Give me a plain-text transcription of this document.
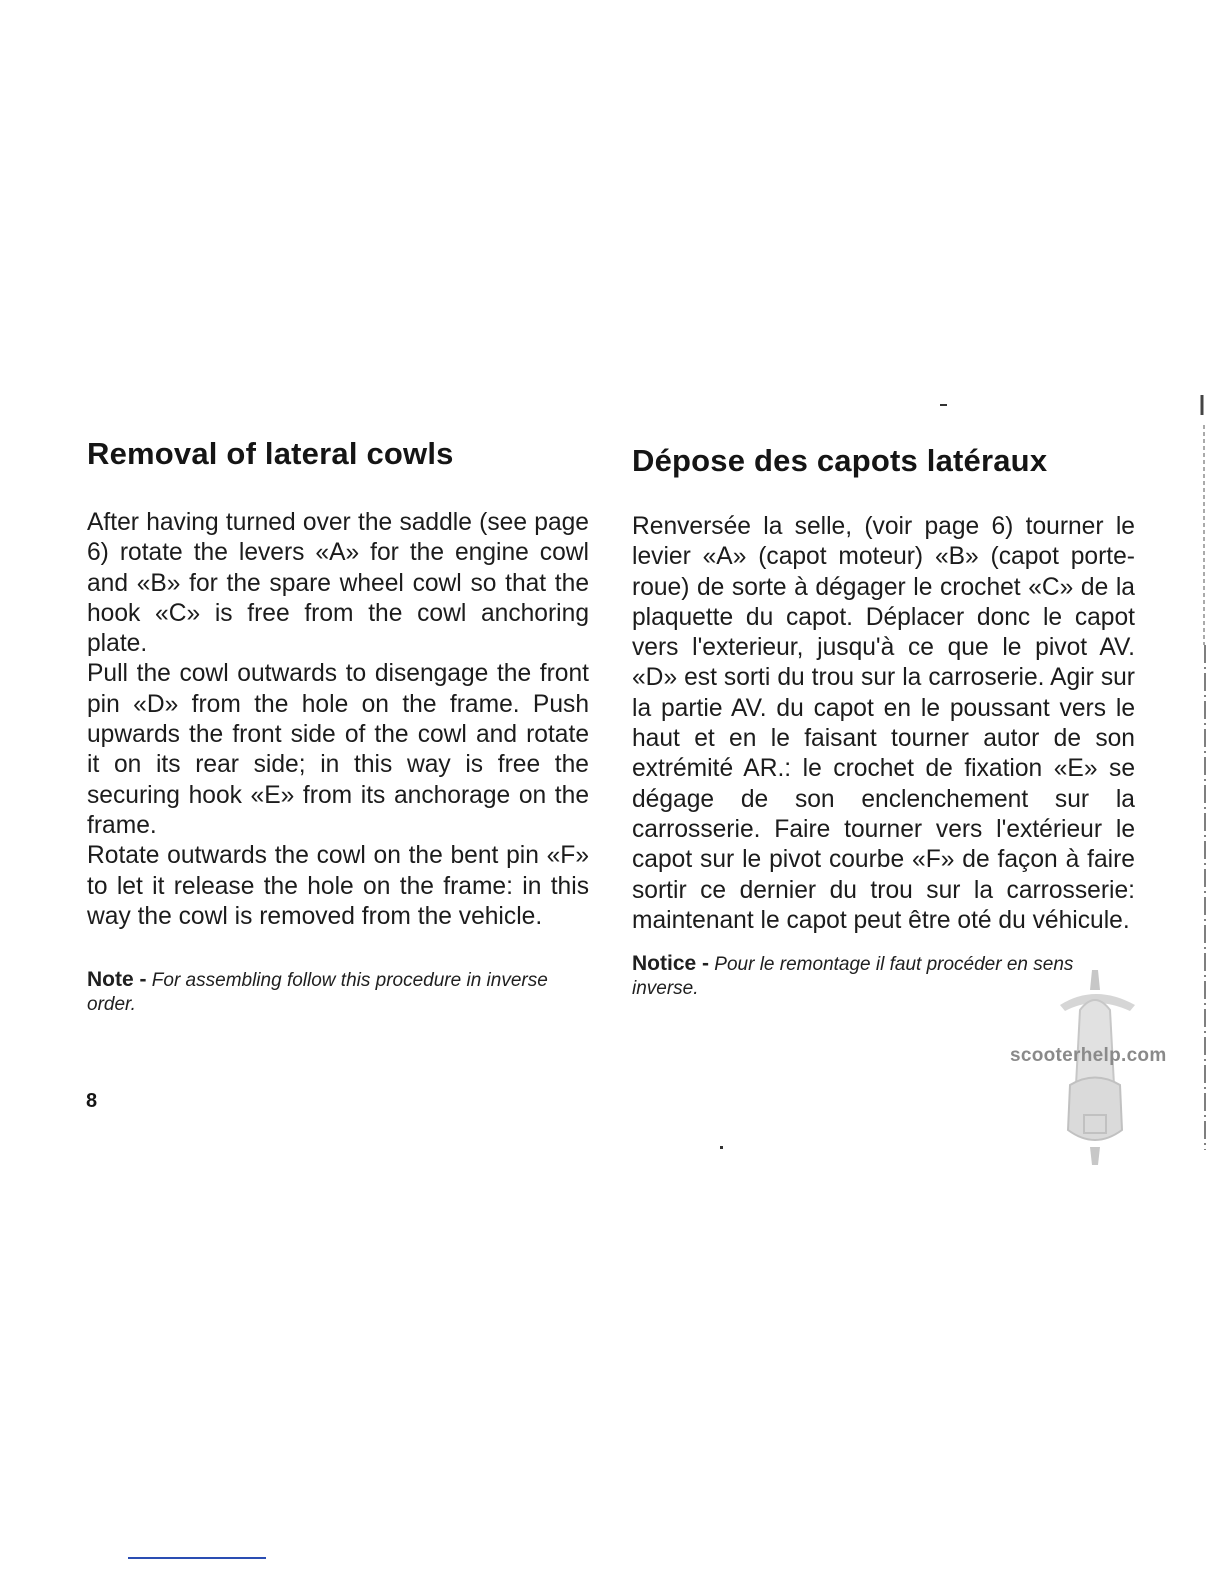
Removal of lateral cowls

After having turned over the saddle (see page 6) rotate the levers «A» for the engine cowl and «B» for the spare wheel cowl so that the hook «C» is free from the cowl anchoring plate.

Pull the cowl outwards to disengage the front pin «D» from the hole on the frame. Push upwards the front side of the cowl and rotate it on its rear side; in this way is free the securing hook «E» from its anchorage on the frame.

Rotate outwards the cowl on the bent pin «F» to let it release the hole on the frame: in this way the cowl is removed from the vehicle.

Note - For assembling follow this procedure in inverse order.
Dépose des capots latéraux

Renversée la selle, (voir page 6) tourner le levier «A» (capot moteur) «B» (capot porte-roue) de sorte à dégager le crochet «C» de la plaquette du capot. Déplacer donc le capot vers l'exterieur, jusqu'à ce que le pivot AV. «D» est sorti du trou sur la carroserie. Agir sur la partie AV. du capot en le poussant vers le haut et en le faisant tourner autor de son extrémité AR.: le crochet de fixation «E» se dégage de son enclenchement sur la carrosserie. Faire tourner vers l'extérieur le capot sur le pivot courbe «F» de façon à faire sortir ce dernier du trou sur la carrosserie: maintenant le capot peut être oté du véhicule.

Notice - Pour le remontage il faut procéder en sens inverse.
8
scooterhelp.com
